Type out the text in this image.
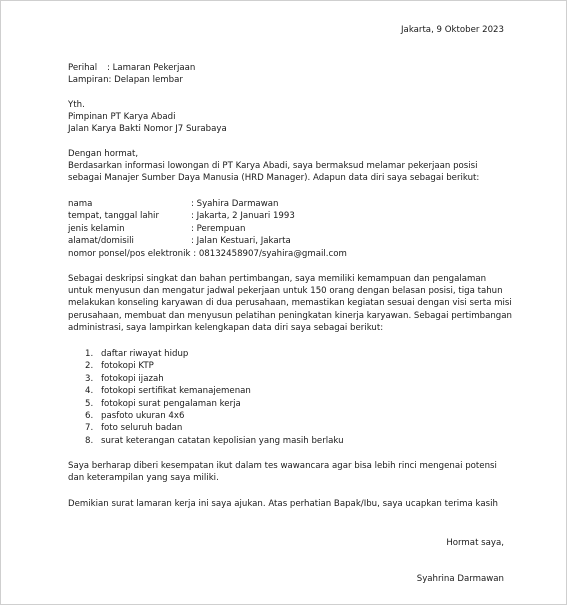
Jakarta, 9 Oktober 2023
Perihal : Lamaran Pekerjaan
Lampiran: Delapan lembar
Yth.
Pimpinan PT Karya Abadi
Jalan Karya Bakti Nomor J7 Surabaya
Dengan hormat,
Berdasarkan informasi lowongan di PT Karya Abadi, saya bermaksud melamar pekerjaan posisi sebagai Manajer Sumber Daya Manusia (HRD Manager). Adapun data diri saya sebagai berikut:
nama	: Syahira Darmawan
tempat, tanggal lahir	: Jakarta, 2 Januari 1993
jenis kelamin	: Perempuan
alamat/domisili	: Jalan Kestuari, Jakarta
nomor ponsel/pos elektronik : 08132458907/syahira@gmail.com
Sebagai deskripsi singkat dan bahan pertimbangan, saya memiliki kemampuan dan pengalaman untuk menyusun dan mengatur jadwal pekerjaan untuk 150 orang dengan belasan posisi, tiga tahun melakukan konseling karyawan di dua perusahaan, memastikan kegiatan sesuai dengan visi serta misi perusahaan, membuat dan menyusun pelatihan peningkatan kinerja karyawan. Sebagai pertimbangan administrasi, saya lampirkan kelengkapan data diri saya sebagai berikut:
1. daftar riwayat hidup
2. fotokopi KTP
3. fotokopi ijazah
4. fotokopi sertifikat kemanajemenan
5. fotokopi surat pengalaman kerja
6. pasfoto ukuran 4x6
7. foto seluruh badan
8. surat keterangan catatan kepolisian yang masih berlaku
Saya berharap diberi kesempatan ikut dalam tes wawancara agar bisa lebih rinci mengenai potensi dan keterampilan yang saya miliki.
Demikian surat lamaran kerja ini saya ajukan. Atas perhatian Bapak/Ibu, saya ucapkan terima kasih
Hormat saya,
Syahrina Darmawan
